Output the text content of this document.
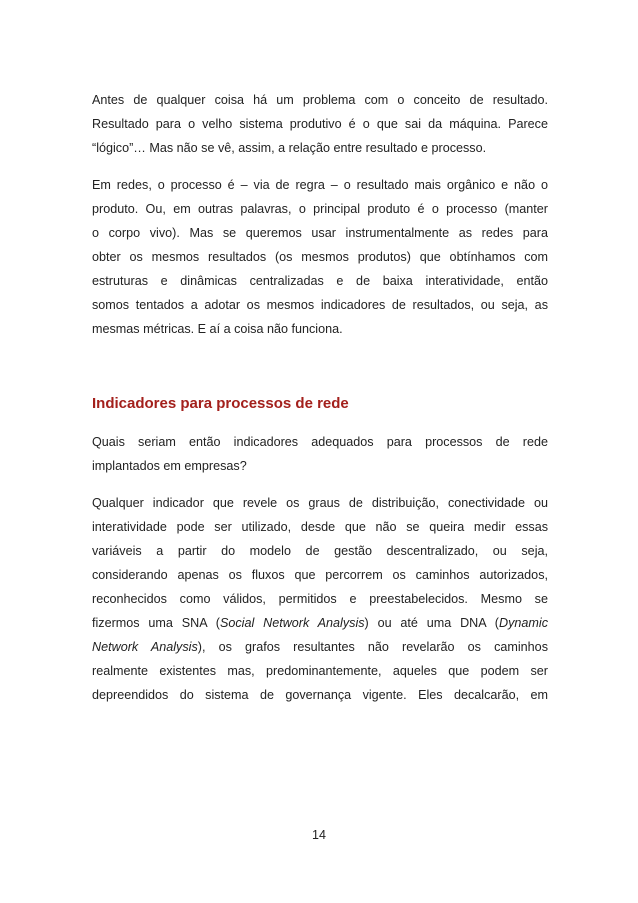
Antes de qualquer coisa há um problema com o conceito de resultado.
Resultado para o velho sistema produtivo é o que sai da máquina. Parece
“lógico”… Mas não se vê, assim, a relação entre resultado e processo.

Em redes, o processo é – via de regra – o resultado mais orgânico e não o
produto. Ou, em outras palavras, o principal produto é o processo (manter
o corpo vivo). Mas se queremos usar instrumentalmente as redes para
obter os mesmos resultados (os mesmos produtos) que obtínhamos com
estruturas e dinâmicas centralizadas e de baixa interatividade, então
somos tentados a adotar os mesmos indicadores de resultados, ou seja, as
mesmas métricas. E aí a coisa não funciona.

Indicadores para processos de rede

Quais seriam então indicadores adequados para processos de rede
implantados em empresas?

Qualquer indicador que revele os graus de distribuição, conectividade ou
interatividade pode ser utilizado, desde que não se queira medir essas
variáveis a partir do modelo de gestão descentralizado, ou seja,
considerando apenas os fluxos que percorrem os caminhos autorizados,
reconhecidos como válidos, permitidos e preestabelecidos. Mesmo se
fizermos uma SNA (Social Network Analysis) ou até uma DNA (Dynamic
Network Analysis), os grafos resultantes não revelarão os caminhos
realmente existentes mas, predominantemente, aqueles que podem ser
depreendidos do sistema de governança vigente. Eles decalcarão, em

14
